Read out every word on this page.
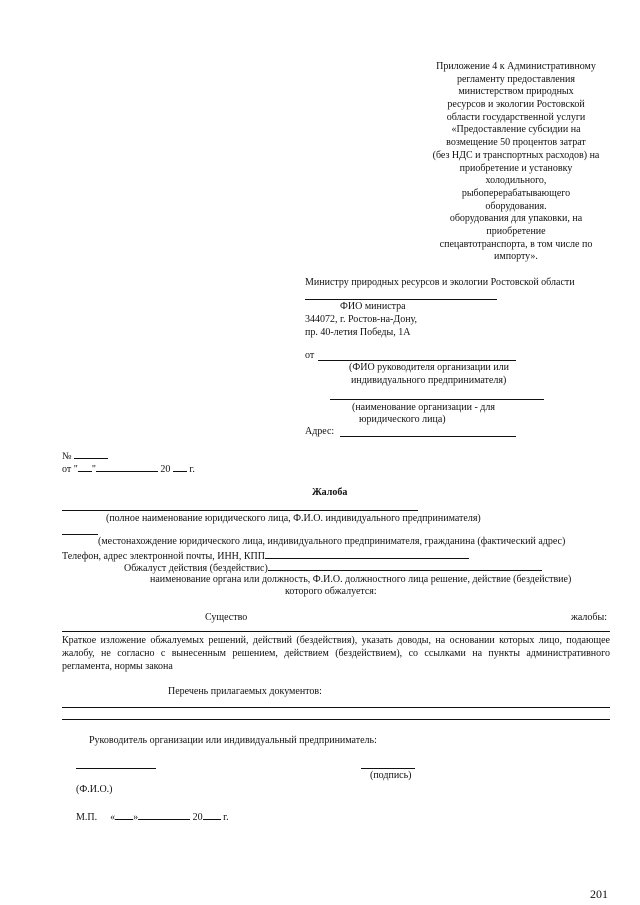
Приложение 4 к Административному
регламенту предоставления
министерством природных
ресурсов и экологии Ростовской
области государственной услуги
«Предоставление субсидии на
возмещение 50 процентов затрат
(без НДС и транспортных расходов) на
приобретение и установку
холодильного,
рыбоперерабатывающего
оборудования.
оборудования для упаковки, на
приобретение
спецавтотранспорта, в том числе по
импорту».
Министру природных ресурсов и экологии Ростовской области
ФИО министра
344072, г. Ростов-на-Дону,
пр. 40-летия Победы, 1А
от
(ФИО руководителя организации или
индивидуального предпринимателя)
(наименование организации - для
юридического лица)
Адрес:
№
от " "	20 г.
Жалоба
(полное наименование юридического лица, Ф.И.О. индивидуального предпринимателя)
(местонахождение юридического лица, индивидуального предпринимателя, гражданина (фактический адрес)
Телефон, адрес электронной почты, ИНН, КПП
Обжалуст действия (бездействис)
наименование органа или должность, Ф.И.О. должностного лица решение, действие (бездействие)
которого обжалуется:
Существо	жалобы:
Краткое изложение обжалуемых решений, действий (бездействия), указать доводы, на основании которых лицо, подающее жалобу, не согласно с вынесенным решением, действием (бездействием), со ссылками на пункты административного регламента, нормы закона
Перечень прилагаемых документов:
Руководитель организации или индивидуальный предприниматель:
(подпись)
(Ф.И.О.)
М.П. « »	20 г.
201
